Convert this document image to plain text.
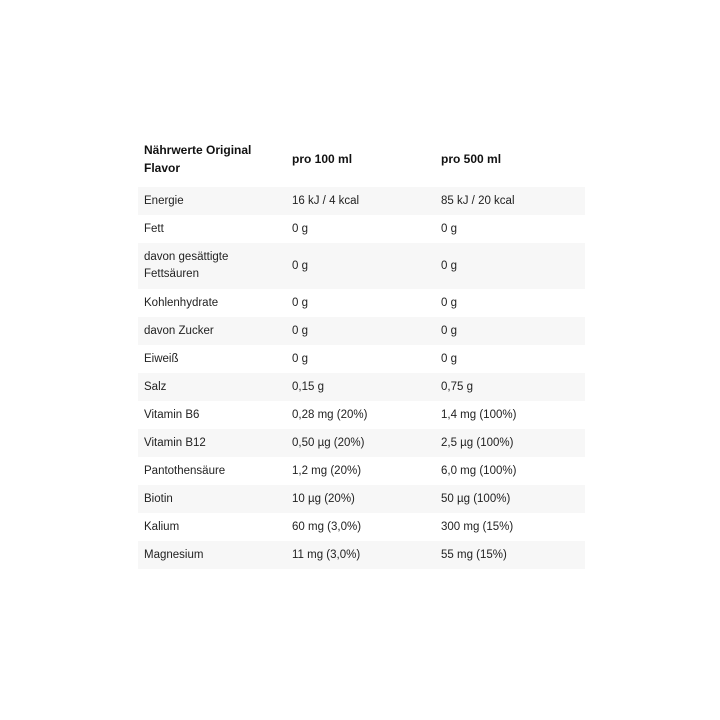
Nährwerte Original Flavor	pro 100 ml	pro 500 ml
Energie	16 kJ / 4 kcal	85 kJ / 20 kcal
Fett	0 g	0 g
davon gesättigte Fettsäuren	0 g	0 g
Kohlenhydrate	0 g	0 g
davon Zucker	0 g	0 g
Eiweiß	0 g	0 g
Salz	0,15 g	0,75 g
Vitamin B6	0,28 mg (20%)	1,4 mg (100%)
Vitamin B12	0,50 µg (20%)	2,5 µg (100%)
Pantothensäure	1,2 mg (20%)	6,0 mg (100%)
Biotin	10 µg (20%)	50 µg (100%)
Kalium	60 mg (3,0%)	300 mg (15%)
Magnesium	11 mg (3,0%)	55 mg (15%)
